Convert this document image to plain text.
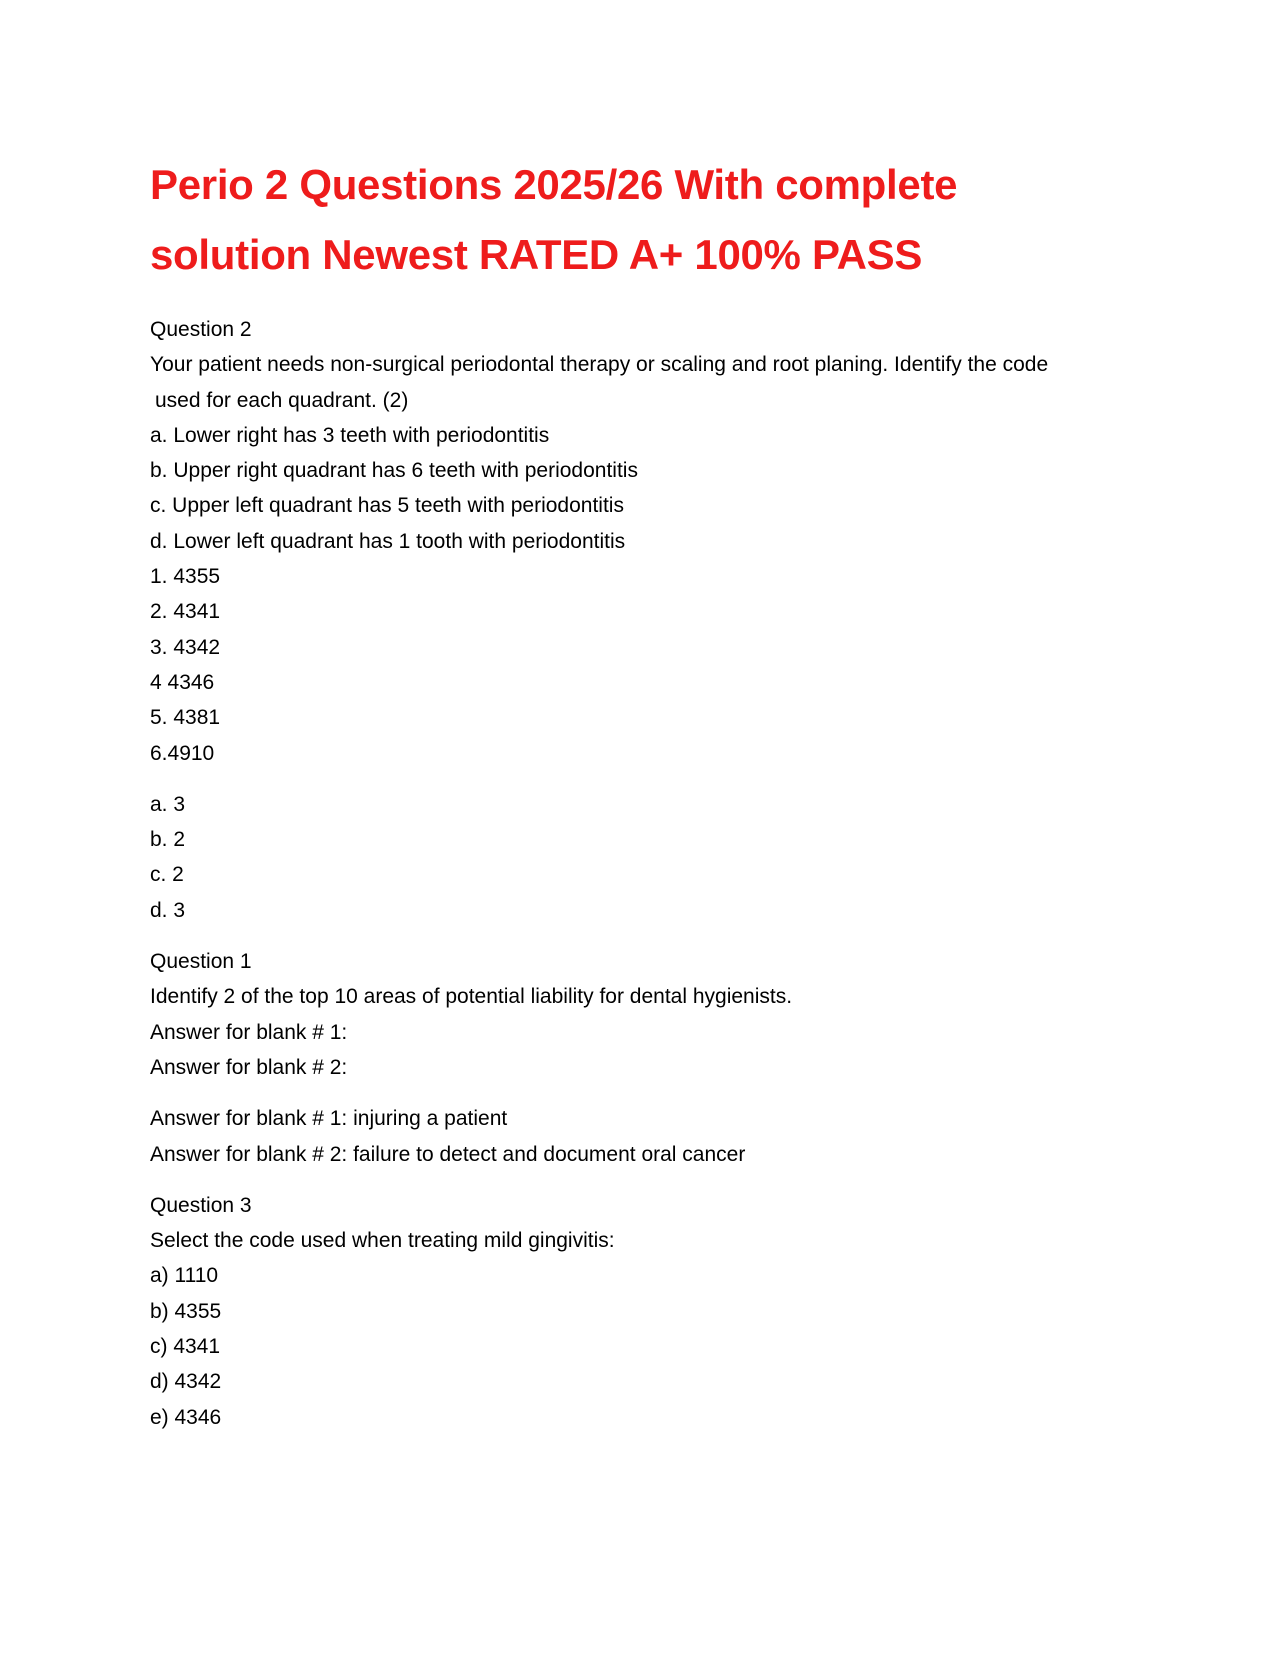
Perio 2 Questions 2025/26 With complete
solution Newest RATED A+ 100% PASS
Question 2
Your patient needs non-surgical periodontal therapy or scaling and root planing. Identify the code
used for each quadrant. (2)
a. Lower right has 3 teeth with periodontitis
b. Upper right quadrant has 6 teeth with periodontitis
c. Upper left quadrant has 5 teeth with periodontitis
d. Lower left quadrant has 1 tooth with periodontitis
1. 4355
2. 4341
3. 4342
4 4346
5. 4381
6.4910
a. 3
b. 2
c. 2
d. 3
Question 1
Identify 2 of the top 10 areas of potential liability for dental hygienists.
Answer for blank # 1:
Answer for blank # 2:
Answer for blank # 1: injuring a patient
Answer for blank # 2: failure to detect and document oral cancer
Question 3
Select the code used when treating mild gingivitis:
a) 1110
b) 4355
c) 4341
d) 4342
e) 4346
